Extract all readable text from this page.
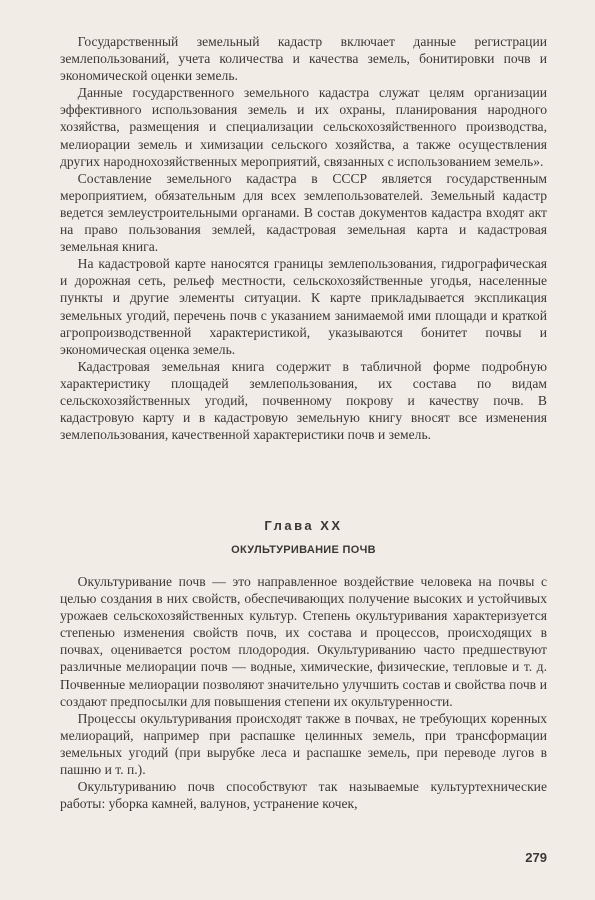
Государственный земельный кадастр включает данные регистрации землепользований, учета количества и качества земель, бонитировки почв и экономической оценки земель.

Данные государственного земельного кадастра служат целям организации эффективного использования земель и их охраны, планирования народного хозяйства, размещения и специализации сельскохозяйственного производства, мелиорации земель и химизации сельского хозяйства, а также осуществления других народнохозяйственных мероприятий, связанных с использованием земель».

Составление земельного кадастра в СССР является государственным мероприятием, обязательным для всех землепользователей. Земельный кадастр ведется землеустроительными органами. В состав документов кадастра входят акт на право пользования землей, кадастровая земельная карта и кадастровая земельная книга.

На кадастровой карте наносятся границы землепользования, гидрографическая и дорожная сеть, рельеф местности, сельскохозяйственные угодья, населенные пункты и другие элементы ситуации. К карте прикладывается экспликация земельных угодий, перечень почв с указанием занимаемой ими площади и краткой агропроизводственной характеристикой, указываются бонитет почвы и экономическая оценка земель.

Кадастровая земельная книга содержит в табличной форме подробную характеристику площадей землепользования, их состава по видам сельскохозяйственных угодий, почвенному покрову и качеству почв. В кадастровую карту и в кадастровую земельную книгу вносят все изменения землепользования, качественной характеристики почв и земель.

Глава XX
ОКУЛЬТУРИВАНИЕ ПОЧВ

Окультуривание почв — это направленное воздействие человека на почвы с целью создания в них свойств, обеспечивающих получение высоких и устойчивых урожаев сельскохозяйственных культур. Степень окультуривания характеризуется степенью изменения свойств почв, их состава и процессов, происходящих в почвах, оценивается ростом плодородия. Окультуриванию часто предшествуют различные мелиорации почв — водные, химические, физические, тепловые и т. д. Почвенные мелиорации позволяют значительно улучшить состав и свойства почв и создают предпосылки для повышения степени их окультуренности.

Процессы окультуривания происходят также в почвах, не требующих коренных мелиораций, например при распашке целинных земель, при трансформации земельных угодий (при вырубке леса и распашке земель, при переводе лугов в пашню и т. п.).

Окультуриванию почв способствуют так называемые культуртехнические работы: уборка камней, валунов, устранение кочек,

279
